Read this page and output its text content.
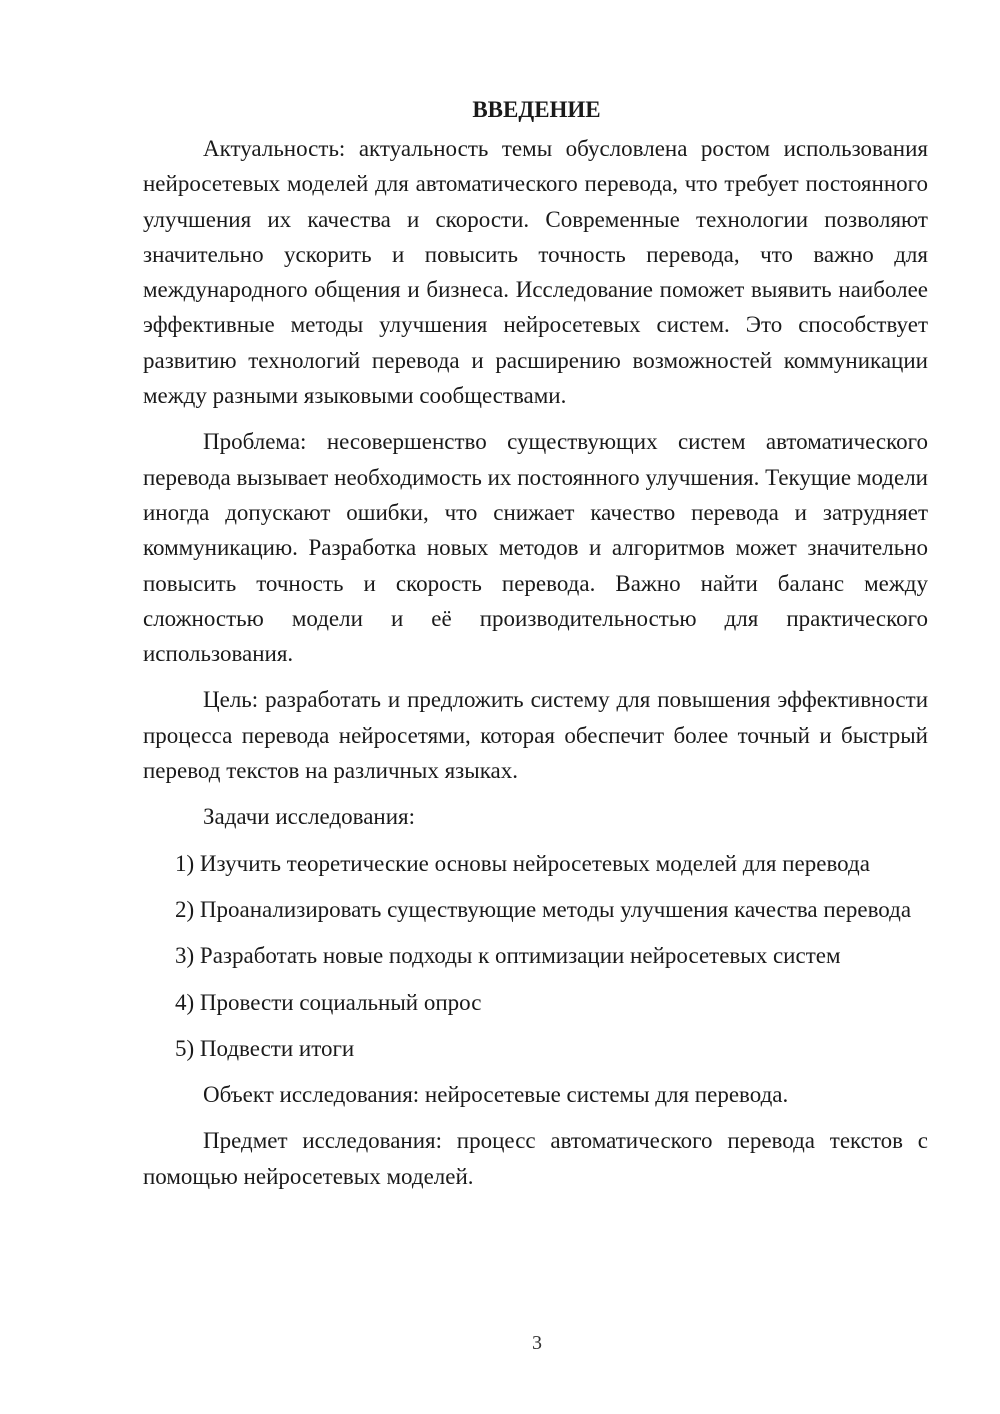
ВВЕДЕНИЕ

Актуальность: актуальность темы обусловлена ростом использования нейросетевых моделей для автоматического перевода, что требует постоянного улучшения их качества и скорости. Современные технологии позволяют значительно ускорить и повысить точность перевода, что важно для международного общения и бизнеса. Исследование поможет выявить наиболее эффективные методы улучшения нейросетевых систем. Это способствует развитию технологий перевода и расширению возможностей коммуникации между разными языковыми сообществами.

Проблема: несовершенство существующих систем автоматического перевода вызывает необходимость их постоянного улучшения. Текущие модели иногда допускают ошибки, что снижает качество перевода и затрудняет коммуникацию. Разработка новых методов и алгоритмов может значительно повысить точность и скорость перевода. Важно найти баланс между сложностью модели и её производительностью для практического использования.

Цель: разработать и предложить систему для повышения эффективности процесса перевода нейросетями, которая обеспечит более точный и быстрый перевод текстов на различных языках.

Задачи исследования:

1) Изучить теоретические основы нейросетевых моделей для перевода

2) Проанализировать существующие методы улучшения качества перевода

3) Разработать новые подходы к оптимизации нейросетевых систем

4) Провести социальный опрос

5) Подвести итоги

Объект исследования: нейросетевые системы для перевода.

Предмет исследования: процесс автоматического перевода текстов с помощью нейросетевых моделей.

3
